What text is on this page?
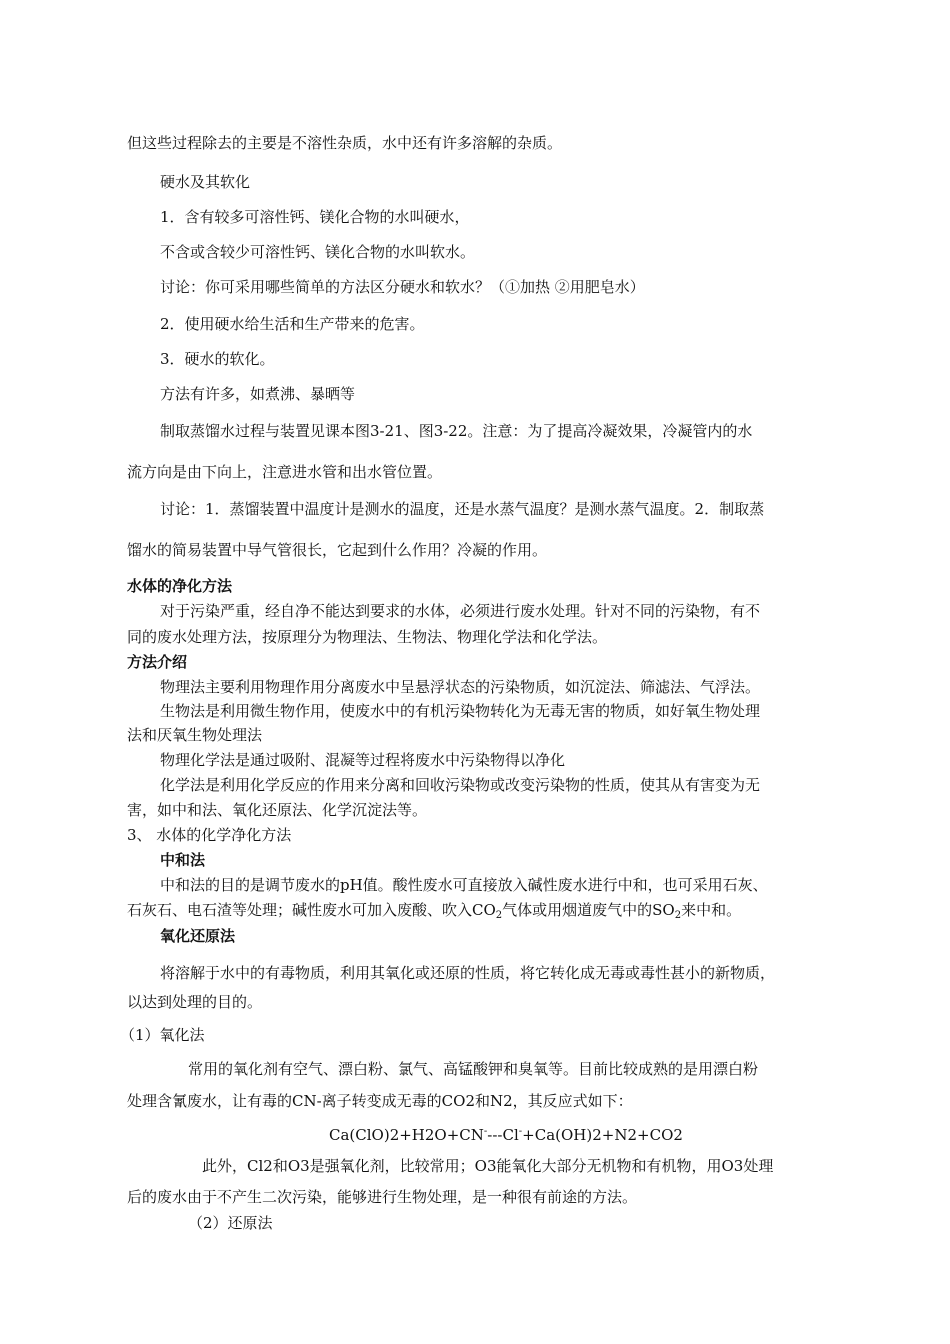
但这些过程除去的主要是不溶性杂质，水中还有许多溶解的杂质。
硬水及其软化
1．含有较多可溶性钙、镁化合物的水叫硬水，
不含或含较少可溶性钙、镁化合物的水叫软水。
讨论：你可采用哪些简单的方法区分硬水和软水？（①加热 ②用肥皂水）
2．使用硬水给生活和生产带来的危害。
3．硬水的软化。
方法有许多，如煮沸、暴晒等
制取蒸馏水过程与装置见课本图3-21、图3-22。注意：为了提高冷凝效果，冷凝管内的水
流方向是由下向上，注意进水管和出水管位置。
讨论：1．蒸馏装置中温度计是测水的温度，还是水蒸气温度？是测水蒸气温度。2．制取蒸
馏水的简易装置中导气管很长，它起到什么作用？冷凝的作用。
水体的净化方法
对于污染严重，经自净不能达到要求的水体，必须进行废水处理。针对不同的污染物，有不
同的废水处理方法，按原理分为物理法、生物法、物理化学法和化学法。
方法介绍
物理法主要利用物理作用分离废水中呈悬浮状态的污染物质，如沉淀法、筛滤法、气浮法。
生物法是利用微生物作用，使废水中的有机污染物转化为无毒无害的物质，如好氧生物处理
法和厌氧生物处理法
物理化学法是通过吸附、混凝等过程将废水中污染物得以净化
化学法是利用化学反应的作用来分离和回收污染物或改变污染物的性质，使其从有害变为无
害，如中和法、氧化还原法、化学沉淀法等。
3、 水体的化学净化方法
中和法
中和法的目的是调节废水的pH值。酸性废水可直接放入碱性废水进行中和，也可采用石灰、
石灰石、电石渣等处理；碱性废水可加入废酸、吹入$CO_2$气体或用烟道废气中的$SO_2$来中和。
氧化还原法
将溶解于水中的有毒物质，利用其氧化或还原的性质，将它转化成无毒或毒性甚小的新物质，
以达到处理的目的。
（1）氧化法
常用的氧化剂有空气、漂白粉、氯气、高锰酸钾和臭氧等。目前比较成熟的是用漂白粉
处理含氰废水，让有毒的CN-离子转变成无毒的CO2和N2，其反应式如下：
Ca(ClO)2+H2O+CN----Cl-+Ca(OH)2+N2+CO2
此外，Cl2和O3是强氧化剂，比较常用；O3能氧化大部分无机物和有机物，用O3处理
后的废水由于不产生二次污染，能够进行生物处理，是一种很有前途的方法。
（2）还原法
